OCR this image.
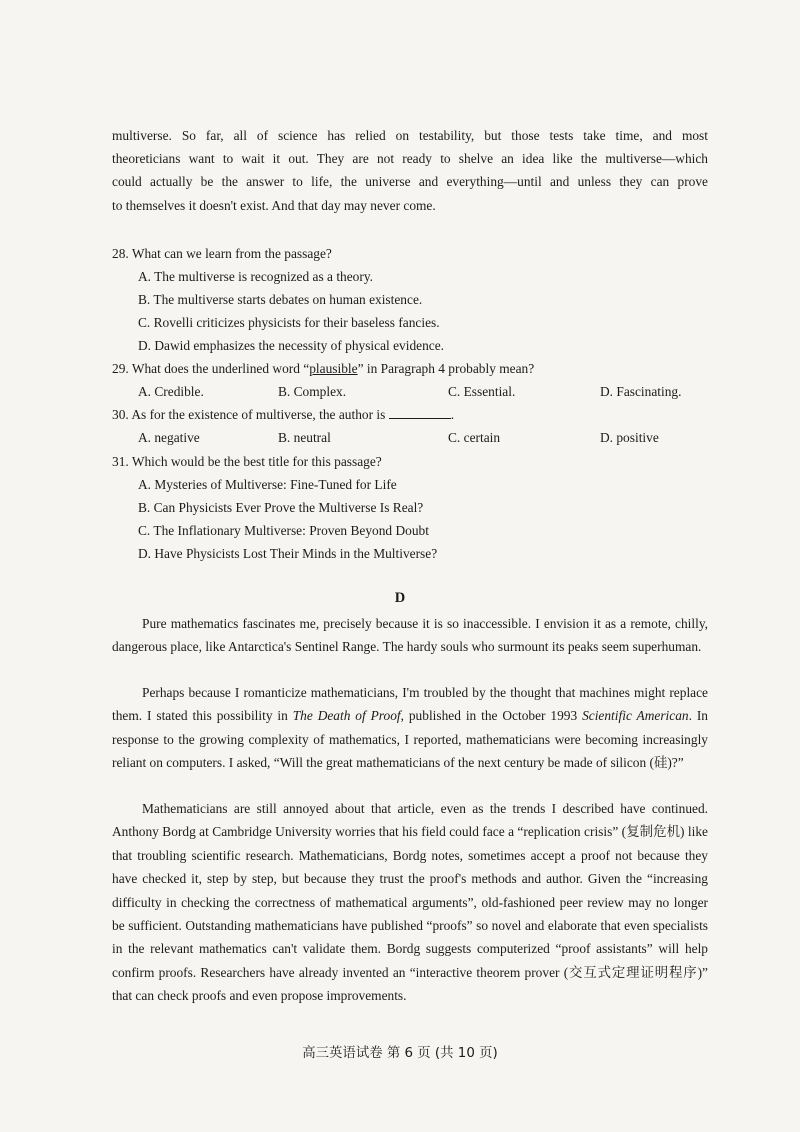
multiverse. So far, all of science has relied on testability, but those tests take time, and most

theoreticians want to wait it out. They are not ready to shelve an idea like the multiverse—which

could actually be the answer to life, the universe and everything—until and unless they can prove

to themselves it doesn't exist. And that day may never come.

28. What can we learn from the passage?

A. The multiverse is recognized as a theory.

B. The multiverse starts debates on human existence.

C. Rovelli criticizes physicists for their baseless fancies.

D. Dawid emphasizes the necessity of physical evidence.

29. What does the underlined word “plausible” in Paragraph 4 probably mean?

A. Credible.	B. Complex.	C. Essential.	D. Fascinating.

30. As for the existence of multiverse, the author is	.

A. negative	B. neutral	C. certain	D. positive

31. Which would be the best title for this passage?

A. Mysteries of Multiverse: Fine-Tuned for Life

B. Can Physicists Ever Prove the Multiverse Is Real?

C. The Inflationary Multiverse: Proven Beyond Doubt

D. Have Physicists Lost Their Minds in the Multiverse?

D

Pure mathematics fascinates me, precisely because it is so inaccessible. I envision it as a remote, chilly, dangerous place, like Antarctica's Sentinel Range. The hardy souls who surmount its peaks seem superhuman.

Perhaps because I romanticize mathematicians, I'm troubled by the thought that machines might replace them. I stated this possibility in The Death of Proof, published in the October 1993 Scientific American. In response to the growing complexity of mathematics, I reported, mathematicians were becoming increasingly reliant on computers. I asked, “Will the great mathematicians of the next century be made of silicon (硅)?”

Mathematicians are still annoyed about that article, even as the trends I described have continued. Anthony Bordg at Cambridge University worries that his field could face a “replication crisis” (复制危机) like that troubling scientific research. Mathematicians, Bordg notes, sometimes accept a proof not because they have checked it, step by step, but because they trust the proof's methods and author. Given the “increasing difficulty in checking the correctness of mathematical arguments”, old-fashioned peer review may no longer be sufficient. Outstanding mathematicians have published “proofs” so novel and elaborate that even specialists in the relevant mathematics can't validate them. Bordg suggests computerized “proof assistants” will help confirm proofs. Researchers have already invented an “interactive theorem prover (交互式定理证明程序)” that can check proofs and even propose improvements.

高三英语试卷 第 6 页 (共 10 页)
